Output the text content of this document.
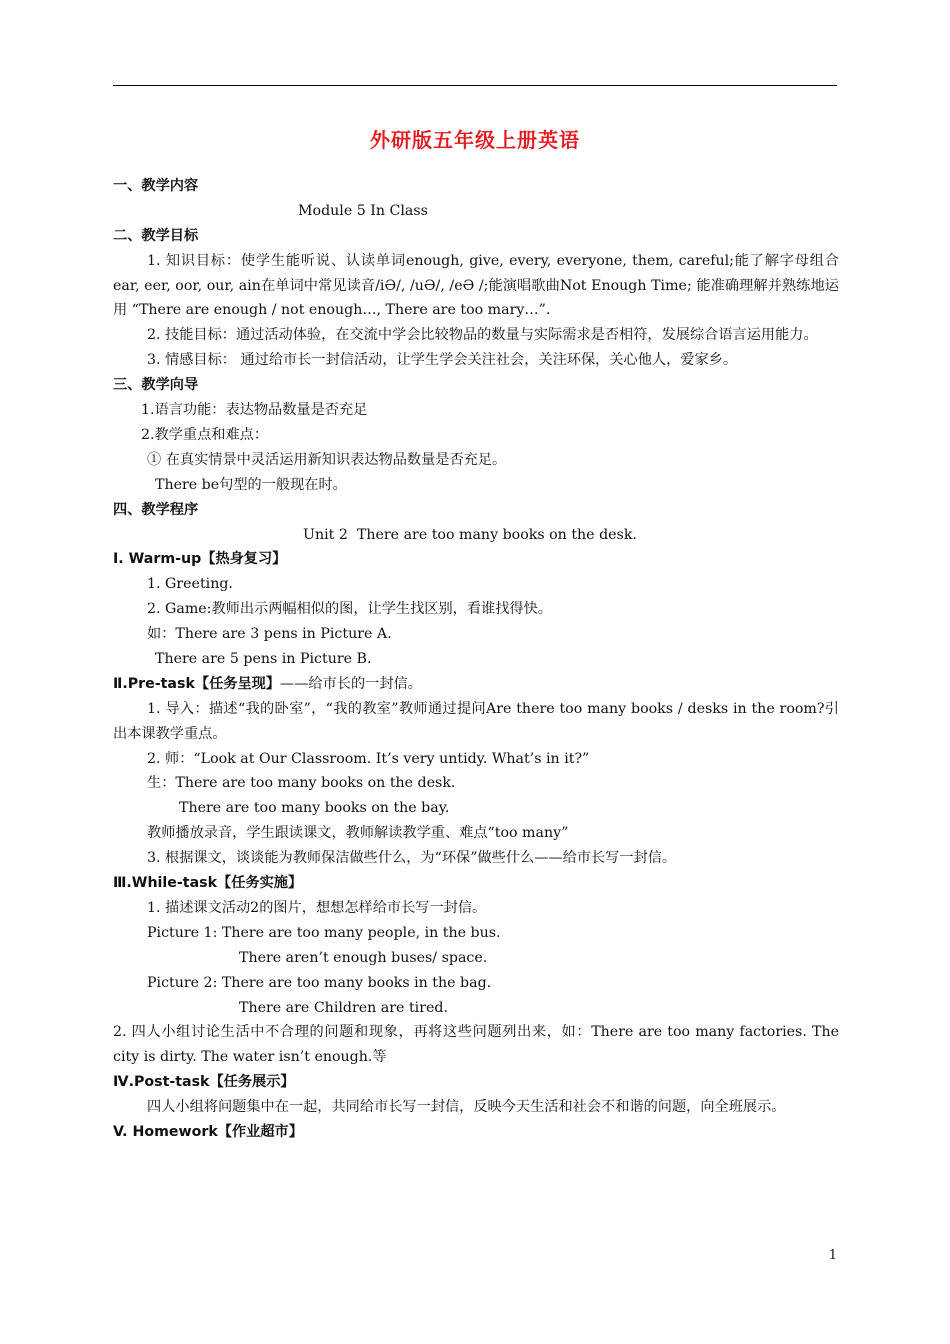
外研版五年级上册英语
一、教学内容
Module 5 In Class
二、教学目标
1. 知识目标：使学生能听说、认读单词enough, give, every, everyone, them, careful;能了解字母组合ear, eer, oor, our, ain在单词中常见读音/iƏ/, /uƏ/, /eƏ /;能演唱歌曲Not Enough Time; 能准确理解并熟练地运用 “There are enough / not enough…, There are too mary…”.
2. 技能目标：通过活动体验，在交流中学会比较物品的数量与实际需求是否相符，发展综合语言运用能力。
3. 情感目标： 通过给市长一封信活动，让学生学会关注社会，关注环保，关心他人，爱家乡。
三、教学向导
1.语言功能：表达物品数量是否充足
2.教学重点和难点：
① 在真实情景中灵活运用新知识表达物品数量是否充足。
There be句型的一般现在时。
四、教学程序
Unit 2  There are too many books on the desk.
Ⅰ. Warm-up【热身复习】
1. Greeting.
2. Game:教师出示两幅相似的图，让学生找区别，看谁找得快。
如：There are 3 pens in Picture A.
There are 5 pens in Picture B.
Ⅱ.Pre-task【任务呈现】——给市长的一封信。
1. 导入：描述“我的卧室”，“我的教室”教师通过提问Are there too many books / desks in the room?引出本课教学重点。
2. 师：“Look at Our Classroom. It’s very untidy. What’s in it?”
生：There are too many books on the desk.
There are too many books on the bay.
教师播放录音，学生跟读课文，教师解读教学重、难点“too many”
3. 根据课文，谈谈能为教师保洁做些什么，为“环保”做些什么——给市长写一封信。
Ⅲ.While-task【任务实施】
1. 描述课文活动2的图片，想想怎样给市长写一封信。
Picture 1: There are too many people, in the bus.
There aren’t enough buses/ space.
Picture 2: There are too many books in the bag.
There are Children are tired.
2. 四人小组讨论生活中不合理的问题和现象，再将这些问题列出来，如：There are too many factories. The city is dirty. The water isn’t enough.等
Ⅳ.Post-task【任务展示】
四人小组将问题集中在一起，共同给市长写一封信，反映今天生活和社会不和谐的问题，向全班展示。
V. Homework【作业超市】
1
